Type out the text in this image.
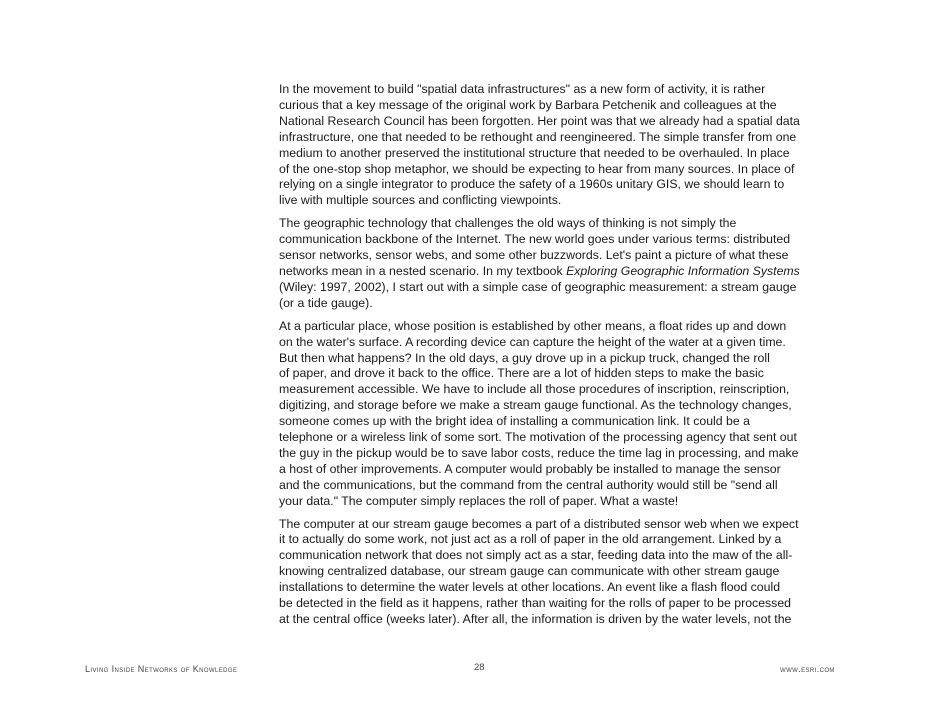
In the movement to build "spatial data infrastructures" as a new form of activity, it is rather
curious that a key message of the original work by Barbara Petchenik and colleagues at the
National Research Council has been forgotten. Her point was that we already had a spatial data
infrastructure, one that needed to be rethought and reengineered. The simple transfer from one
medium to another preserved the institutional structure that needed to be overhauled. In place
of the one-stop shop metaphor, we should be expecting to hear from many sources. In place of
relying on a single integrator to produce the safety of a 1960s unitary GIS, we should learn to
live with multiple sources and conflicting viewpoints.

The geographic technology that challenges the old ways of thinking is not simply the
communication backbone of the Internet. The new world goes under various terms: distributed
sensor networks, sensor webs, and some other buzzwords. Let's paint a picture of what these
networks mean in a nested scenario. In my textbook Exploring Geographic Information Systems
(Wiley: 1997, 2002), I start out with a simple case of geographic measurement: a stream gauge
(or a tide gauge).

At a particular place, whose position is established by other means, a float rides up and down
on the water's surface. A recording device can capture the height of the water at a given time.
But then what happens? In the old days, a guy drove up in a pickup truck, changed the roll
of paper, and drove it back to the office. There are a lot of hidden steps to make the basic
measurement accessible. We have to include all those procedures of inscription, reinscription,
digitizing, and storage before we make a stream gauge functional. As the technology changes,
someone comes up with the bright idea of installing a communication link. It could be a
telephone or a wireless link of some sort. The motivation of the processing agency that sent out
the guy in the pickup would be to save labor costs, reduce the time lag in processing, and make
a host of other improvements. A computer would probably be installed to manage the sensor
and the communications, but the command from the central authority would still be "send all
your data." The computer simply replaces the roll of paper. What a waste!

The computer at our stream gauge becomes a part of a distributed sensor web when we expect
it to actually do some work, not just act as a roll of paper in the old arrangement. Linked by a
communication network that does not simply act as a star, feeding data into the maw of the all-
knowing centralized database, our stream gauge can communicate with other stream gauge
installations to determine the water levels at other locations. An event like a flash flood could
be detected in the field as it happens, rather than waiting for the rolls of paper to be processed
at the central office (weeks later). After all, the information is driven by the water levels, not the

Living Inside Networks of Knowledge	28	www.esri.com
